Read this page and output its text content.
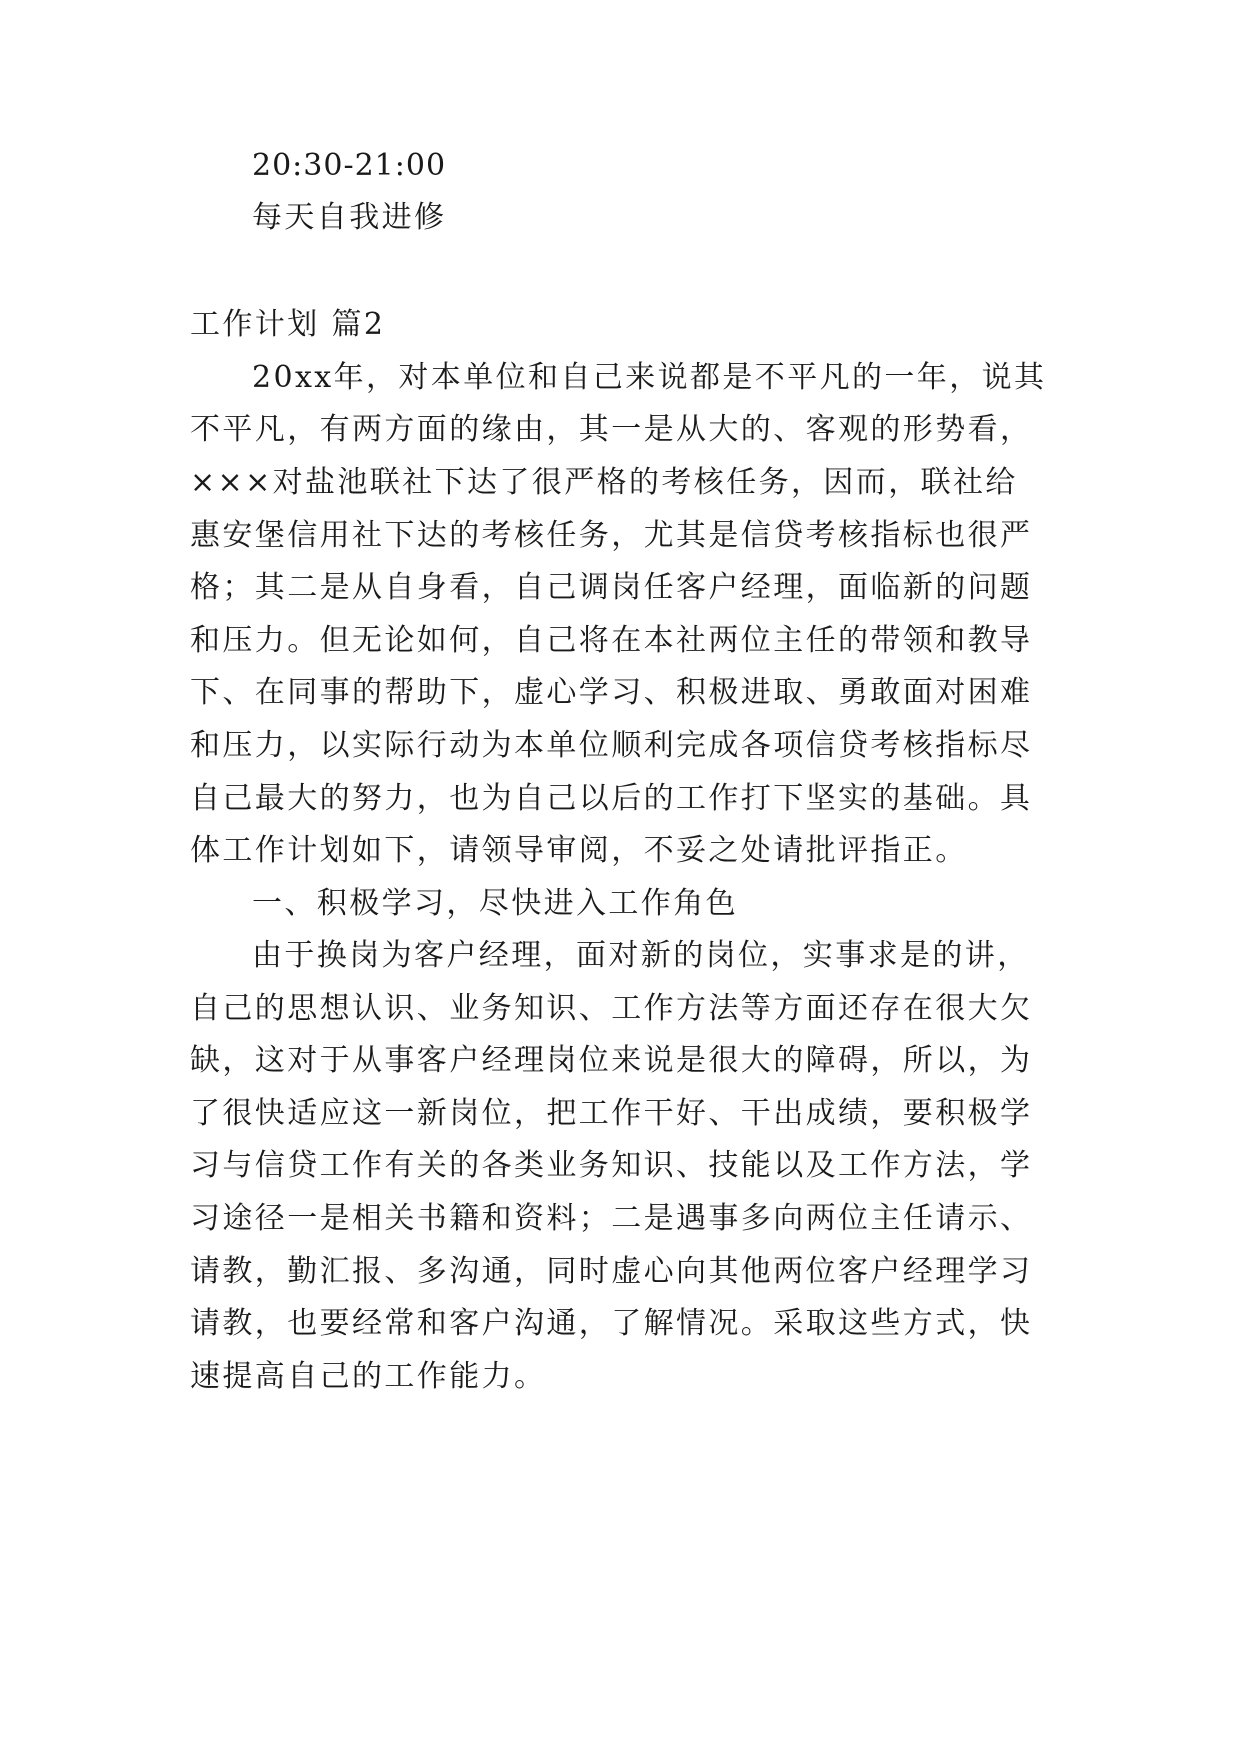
20:30-21:00
每天自我进修
工作计划 篇2
20xx年，对本单位和自己来说都是不平凡的一年，说其
不平凡，有两方面的缘由，其一是从大的、客观的形势看，
×××对盐池联社下达了很严格的考核任务，因而，联社给
惠安堡信用社下达的考核任务，尤其是信贷考核指标也很严
格；其二是从自身看，自己调岗任客户经理，面临新的问题
和压力。但无论如何，自己将在本社两位主任的带领和教导
下、在同事的帮助下，虚心学习、积极进取、勇敢面对困难
和压力，以实际行动为本单位顺利完成各项信贷考核指标尽
自己最大的努力，也为自己以后的工作打下坚实的基础。具
体工作计划如下，请领导审阅，不妥之处请批评指正。
一、积极学习，尽快进入工作角色
由于换岗为客户经理，面对新的岗位，实事求是的讲，
自己的思想认识、业务知识、工作方法等方面还存在很大欠
缺，这对于从事客户经理岗位来说是很大的障碍，所以，为
了很快适应这一新岗位，把工作干好、干出成绩，要积极学
习与信贷工作有关的各类业务知识、技能以及工作方法，学
习途径一是相关书籍和资料；二是遇事多向两位主任请示、
请教，勤汇报、多沟通，同时虚心向其他两位客户经理学习
请教，也要经常和客户沟通，了解情况。采取这些方式，快
速提高自己的工作能力。
